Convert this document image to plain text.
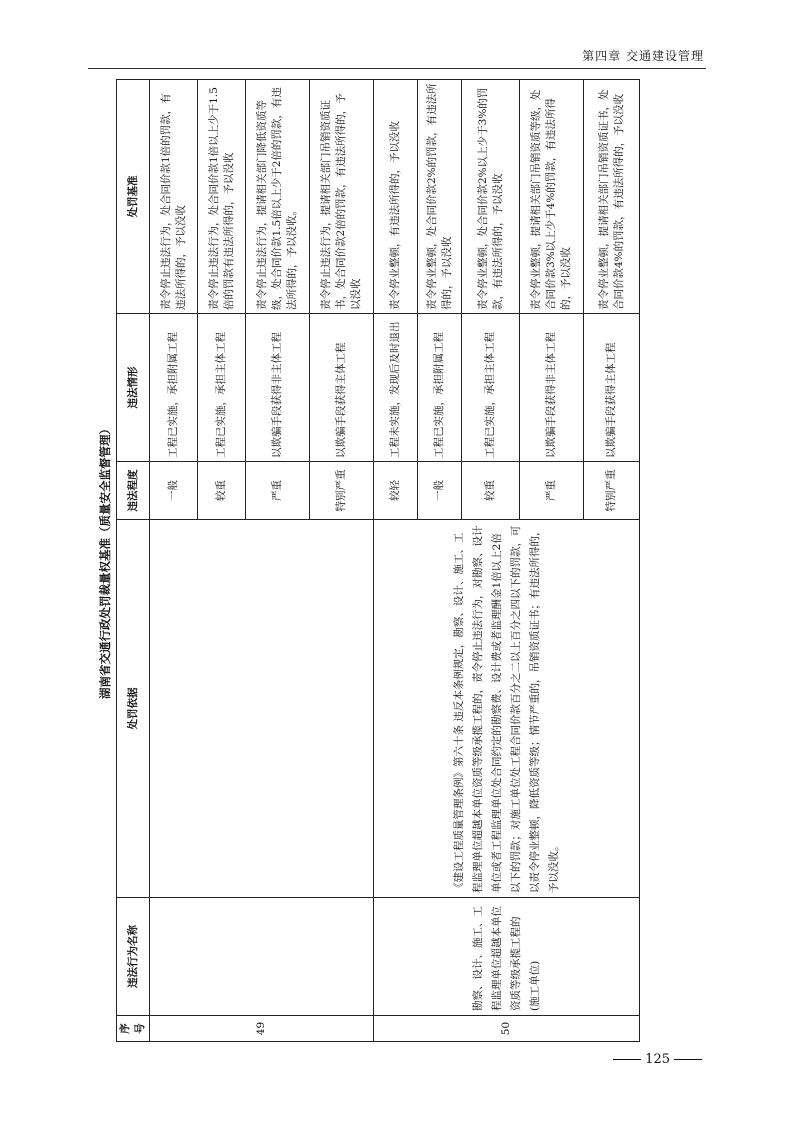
第四章 交通建设管理
湖南省交通行政处罚裁量权基准（质量安全监督管理）
序号	违法行为名称	处罚依据	违法程度	违法情形	处罚基准
49			一般	工程已实施，承担附属工程	责令停止违法行为，处合同价款1倍的罚款，有违法所得的，予以没收
			较重	工程已实施，承担主体工程	责令停止违法行为，处合同价款1倍以上少于1.5倍的罚款有违法所得的，予以没收
			严重	以欺骗手段获得非主体工程	责令停止违法行为，提请相关部门降低资质等级，处合同价款1.5倍以上少于2倍的罚款，有违法所得的，予以没收。
			特别严重	以欺骗手段获得主体工程	责令停止违法行为，提请相关部门吊销资质证书，处合同价款2倍的罚款，有违法所得的，予以没收
50	勘察、设计、施工、工程监理单位超越本单位资质等级承揽工程的(施工单位)	《建设工程质量管理条例》第六十条 违反本条例规定，勘察、设计、施工、工程监理单位超越本单位资质等级承揽工程的，责令停止违法行为，对勘察、设计单位或者工程监理单位处合同约定的勘察费、设计费或者监理酬金1倍以上2倍以下的罚款；对施工单位处工程合同价款百分之二以上百分之四以下的罚款，可以责令停业整顿，降低资质等级；情节严重的，吊销资质证书；有违法所得的，予以没收。	较轻	工程未实施，发现后及时退出	责令停业整顿，有违法所得的，予以没收
			一般	工程已实施，承担附属工程	责令停业整顿，处合同价款2%的罚款，有违法所得的，予以没收
			较重	工程已实施，承担主体工程	责令停业整顿，处合同价款2%以上少于3%的罚款，有违法所得的，予以没收
			严重	以欺骗手段获得非主体工程	责令停业整顿，提请相关部门吊销资质等级，处合同价款3%以上少于4%的罚款，有违法所得的，予以没收
			特别严重	以欺骗手段获得主体工程	责令停业整顿，提请相关部门吊销资质证书，处合同价款4%的罚款，有违法所得的，予以没收
125
